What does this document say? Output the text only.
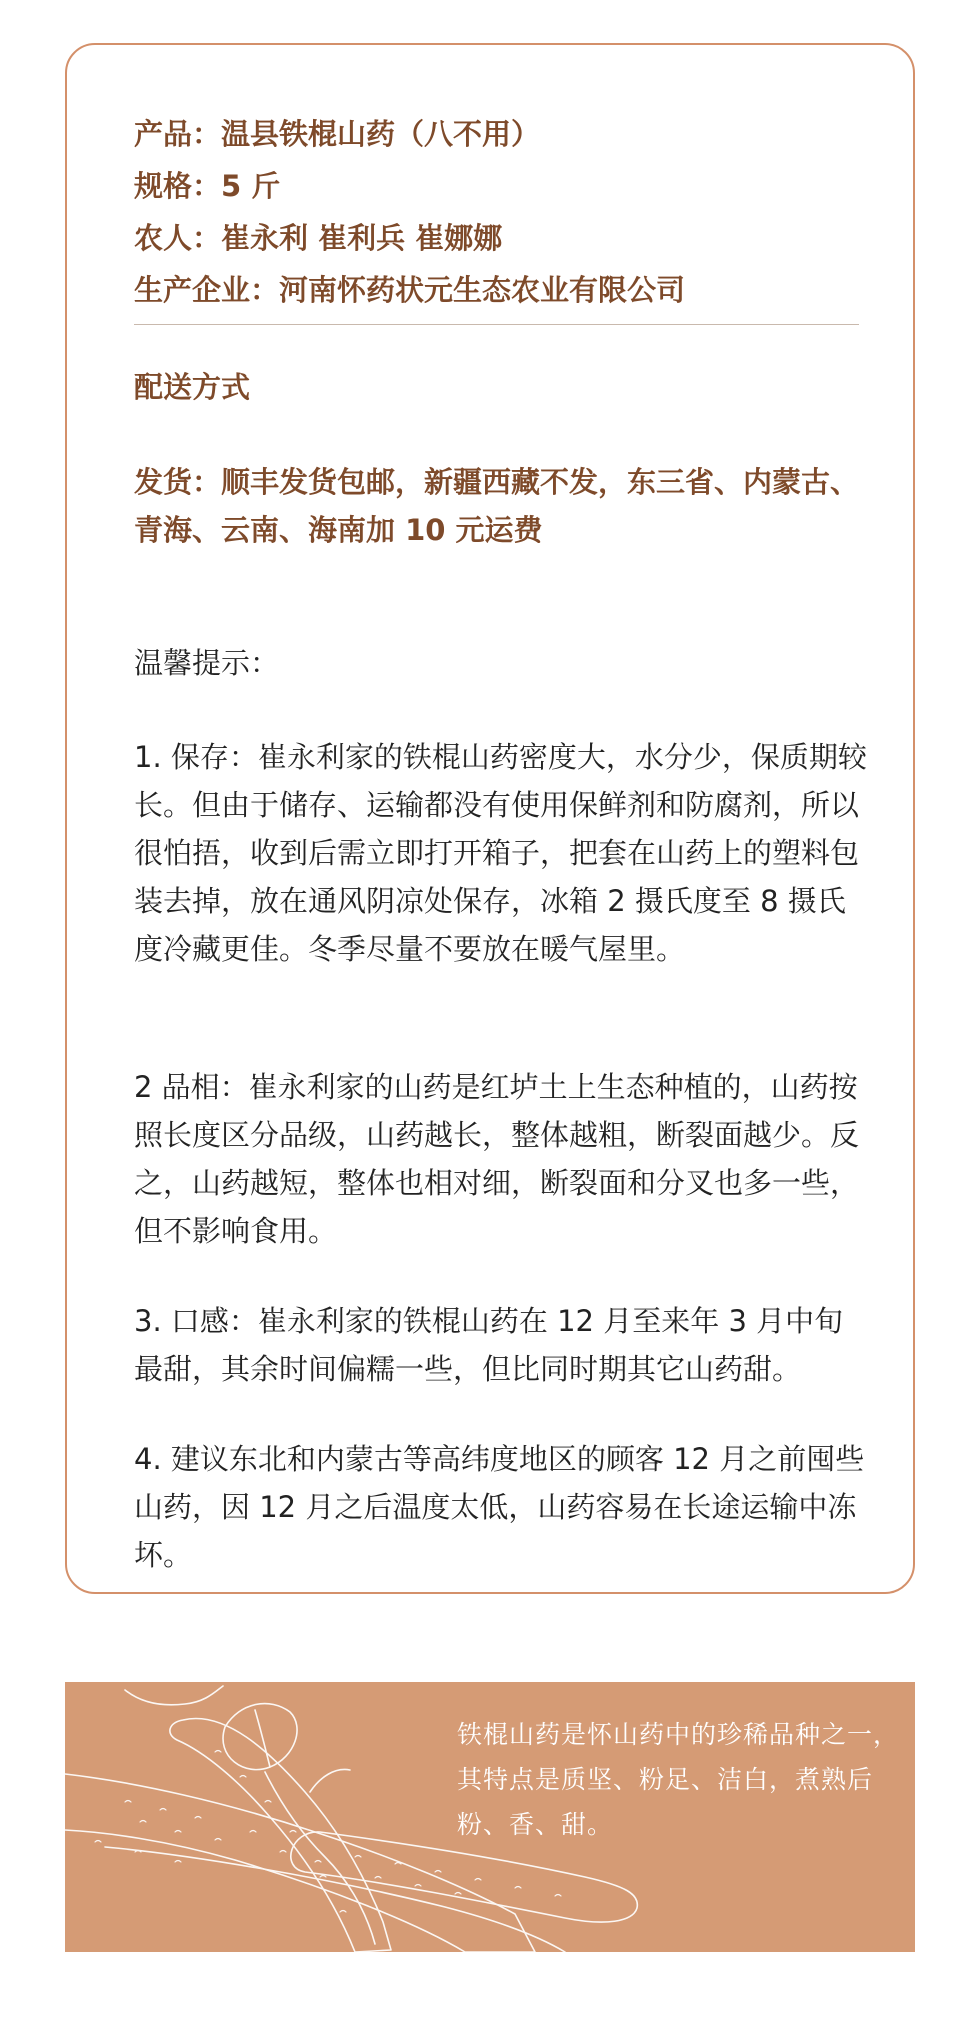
产品：温县铁棍山药（八不用）
规格：5 斤
农人：崔永利 崔利兵 崔娜娜
生产企业：河南怀药状元生态农业有限公司
配送方式
发货：顺丰发货包邮，新疆西藏不发，东三省、内蒙古、青海、云南、海南加 10 元运费
温馨提示：
1. 保存：崔永利家的铁棍山药密度大，水分少，保质期较长。但由于储存、运输都没有使用保鲜剂和防腐剂，所以很怕捂，收到后需立即打开箱子，把套在山药上的塑料包装去掉，放在通风阴凉处保存，冰箱 2 摄氏度至 8 摄氏度冷藏更佳。冬季尽量不要放在暖气屋里。
2 品相：崔永利家的山药是红垆土上生态种植的，山药按照长度区分品级，山药越长，整体越粗，断裂面越少。反之，山药越短，整体也相对细，断裂面和分叉也多一些，但不影响食用。
3. 口感：崔永利家的铁棍山药在 12 月至来年 3 月中旬最甜，其余时间偏糯一些，但比同时期其它山药甜。
4. 建议东北和内蒙古等高纬度地区的顾客 12 月之前囤些山药，因 12 月之后温度太低，山药容易在长途运输中冻坏。
铁棍山药是怀山药中的珍稀品种之一，其特点是质坚、粉足、洁白，煮熟后粉、香、甜。
